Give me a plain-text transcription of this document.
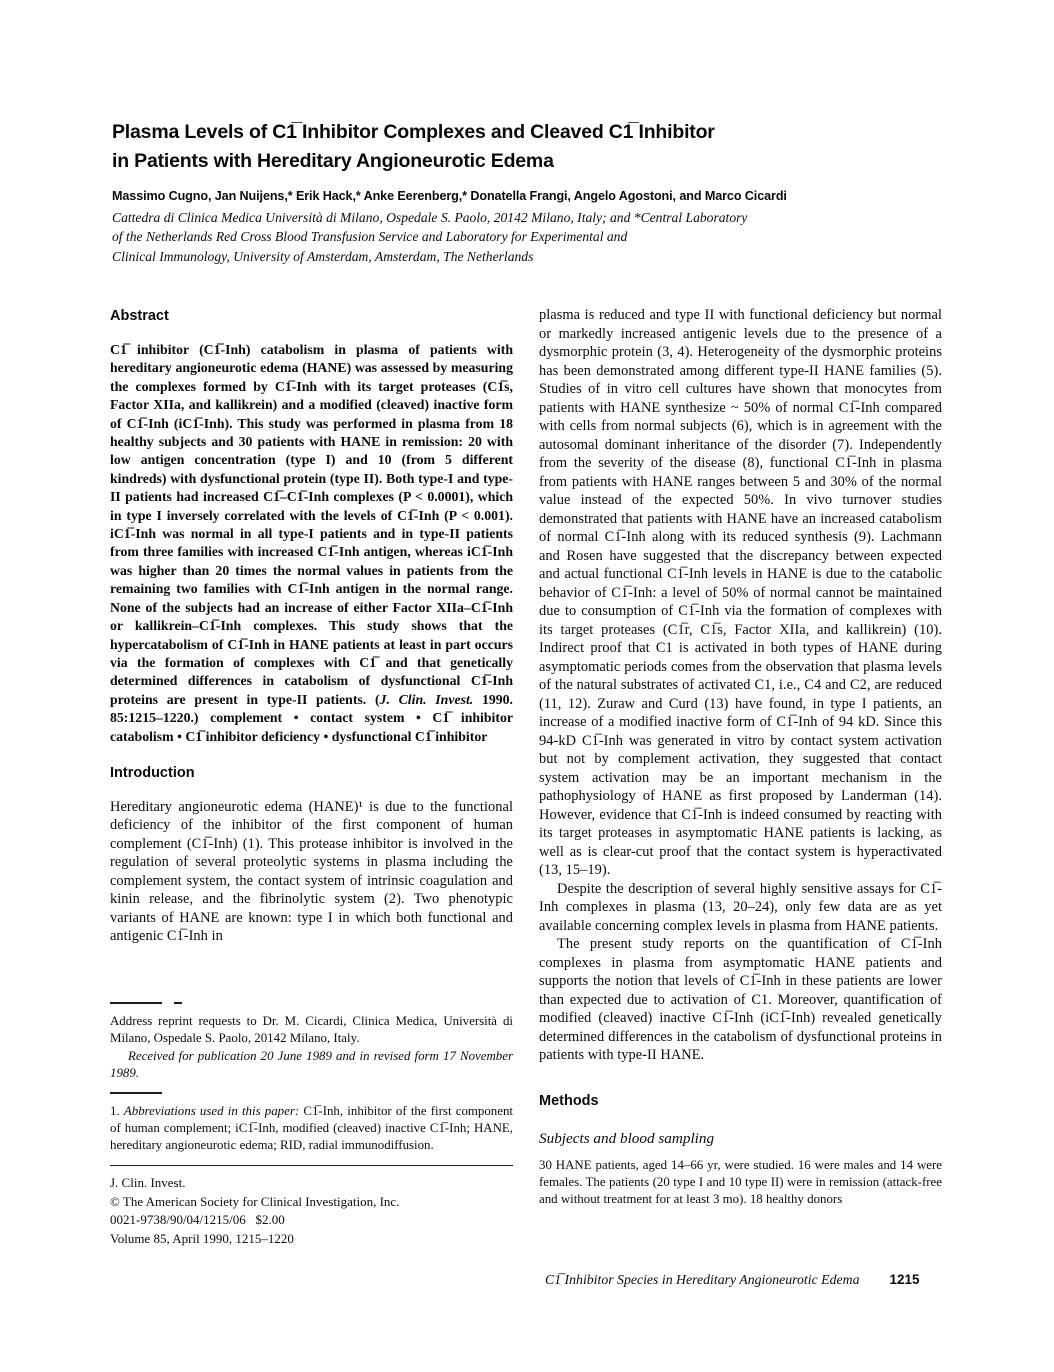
Plasma Levels of C1̅ Inhibitor Complexes and Cleaved C1̅ Inhibitor
in Patients with Hereditary Angioneurotic Edema
Massimo Cugno, Jan Nuijens,* Erik Hack,* Anke Eerenberg,* Donatella Frangi, Angelo Agostoni, and Marco Cicardi
Cattedra di Clinica Medica Università di Milano, Ospedale S. Paolo, 20142 Milano, Italy; and *Central Laboratory
of the Netherlands Red Cross Blood Transfusion Service and Laboratory for Experimental and
Clinical Immunology, University of Amsterdam, Amsterdam, The Netherlands
Abstract

C1̅ inhibitor (C1̅-Inh) catabolism in plasma of patients with hereditary angioneurotic edema (HANE) was assessed by measuring the complexes formed by C1̅-Inh with its target proteases (C1̅s, Factor XIIa, and kallikrein) and a modified (cleaved) inactive form of C1̅-Inh (iC1̅-Inh). This study was performed in plasma from 18 healthy subjects and 30 patients with HANE in remission: 20 with low antigen concentration (type I) and 10 (from 5 different kindreds) with dysfunctional protein (type II). Both type-I and type-II patients had increased C1̅–C1̅-Inh complexes (P < 0.0001), which in type I inversely correlated with the levels of C1̅-Inh (P < 0.001). iC1̅-Inh was normal in all type-I patients and in type-II patients from three families with increased C1̅-Inh antigen, whereas iC1̅-Inh was higher than 20 times the normal values in patients from the remaining two families with C1̅-Inh antigen in the normal range. None of the subjects had an increase of either Factor XIIa–C1̅-Inh or kallikrein–C1̅-Inh complexes. This study shows that the hypercatabolism of C1̅-Inh in HANE patients at least in part occurs via the formation of complexes with C1̅ and that genetically determined differences in catabolism of dysfunctional C1̅-Inh proteins are present in type-II patients. (J. Clin. Invest. 1990. 85:1215–1220.) complement • contact system • C1̅ inhibitor catabolism • C1̅ inhibitor deficiency • dysfunctional C1̅ inhibitor

Introduction

Hereditary angioneurotic edema (HANE)¹ is due to the functional deficiency of the inhibitor of the first component of human complement (C1̅-Inh) (1). This protease inhibitor is involved in the regulation of several proteolytic systems in plasma including the complement system, the contact system of intrinsic coagulation and kinin release, and the fibrinolytic system (2). Two phenotypic variants of HANE are known: type I in which both functional and antigenic C1̅-Inh in

plasma is reduced and type II with functional deficiency but normal or markedly increased antigenic levels due to the presence of a dysmorphic protein (3, 4). Heterogeneity of the dysmorphic proteins has been demonstrated among different type-II HANE families (5). Studies of in vitro cell cultures have shown that monocytes from patients with HANE synthesize ~ 50% of normal C1̅-Inh compared with cells from normal subjects (6), which is in agreement with the autosomal dominant inheritance of the disorder (7). Independently from the severity of the disease (8), functional C1̅-Inh in plasma from patients with HANE ranges between 5 and 30% of the normal value instead of the expected 50%. In vivo turnover studies demonstrated that patients with HANE have an increased catabolism of normal C1̅-Inh along with its reduced synthesis (9). Lachmann and Rosen have suggested that the discrepancy between expected and actual functional C1̅-Inh levels in HANE is due to the catabolic behavior of C1̅-Inh: a level of 50% of normal cannot be maintained due to consumption of C1̅-Inh via the formation of complexes with its target proteases (C1̅r, C1̅s, Factor XIIa, and kallikrein) (10). Indirect proof that C1 is activated in both types of HANE during asymptomatic periods comes from the observation that plasma levels of the natural substrates of activated C1, i.e., C4 and C2, are reduced (11, 12). Zuraw and Curd (13) have found, in type I patients, an increase of a modified inactive form of C1̅-Inh of 94 kD. Since this 94-kD C1̅-Inh was generated in vitro by contact system activation but not by complement activation, they suggested that contact system activation may be an important mechanism in the pathophysiology of HANE as first proposed by Landerman (14). However, evidence that C1̅-Inh is indeed consumed by reacting with its target proteases in asymptomatic HANE patients is lacking, as well as is clear-cut proof that the contact system is hyperactivated (13, 15–19).

Despite the description of several highly sensitive assays for C1̅-Inh complexes in plasma (13, 20–24), only few data are as yet available concerning complex levels in plasma from HANE patients.

The present study reports on the quantification of C1̅-Inh complexes in plasma from asymptomatic HANE patients and supports the notion that levels of C1̅-Inh in these patients are lower than expected due to activation of C1. Moreover, quantification of modified (cleaved) inactive C1̅-Inh (iC1̅-Inh) revealed genetically determined differences in the catabolism of dysfunctional proteins in patients with type-II HANE.

Methods
Subjects and blood sampling

30 HANE patients, aged 14–66 yr, were studied. 16 were males and 14 were females. The patients (20 type I and 10 type II) were in remission (attack-free and without treatment for at least 3 mo). 18 healthy donors

Address reprint requests to Dr. M. Cicardi, Clinica Medica, Università di Milano, Ospedale S. Paolo, 20142 Milano, Italy.

Received for publication 20 June 1989 and in revised form 17 November 1989.

1. Abbreviations used in this paper: C1̅-Inh, inhibitor of the first component of human complement; iC1̅-Inh, modified (cleaved) inactive C1̅-Inh; HANE, hereditary angioneurotic edema; RID, radial immunodiffusion.

J. Clin. Invest.
© The American Society for Clinical Investigation, Inc.
0021-9738/90/04/1215/06   $2.00
Volume 85, April 1990, 1215–1220
C1̅ Inhibitor Species in Hereditary Angioneurotic Edema 1215
